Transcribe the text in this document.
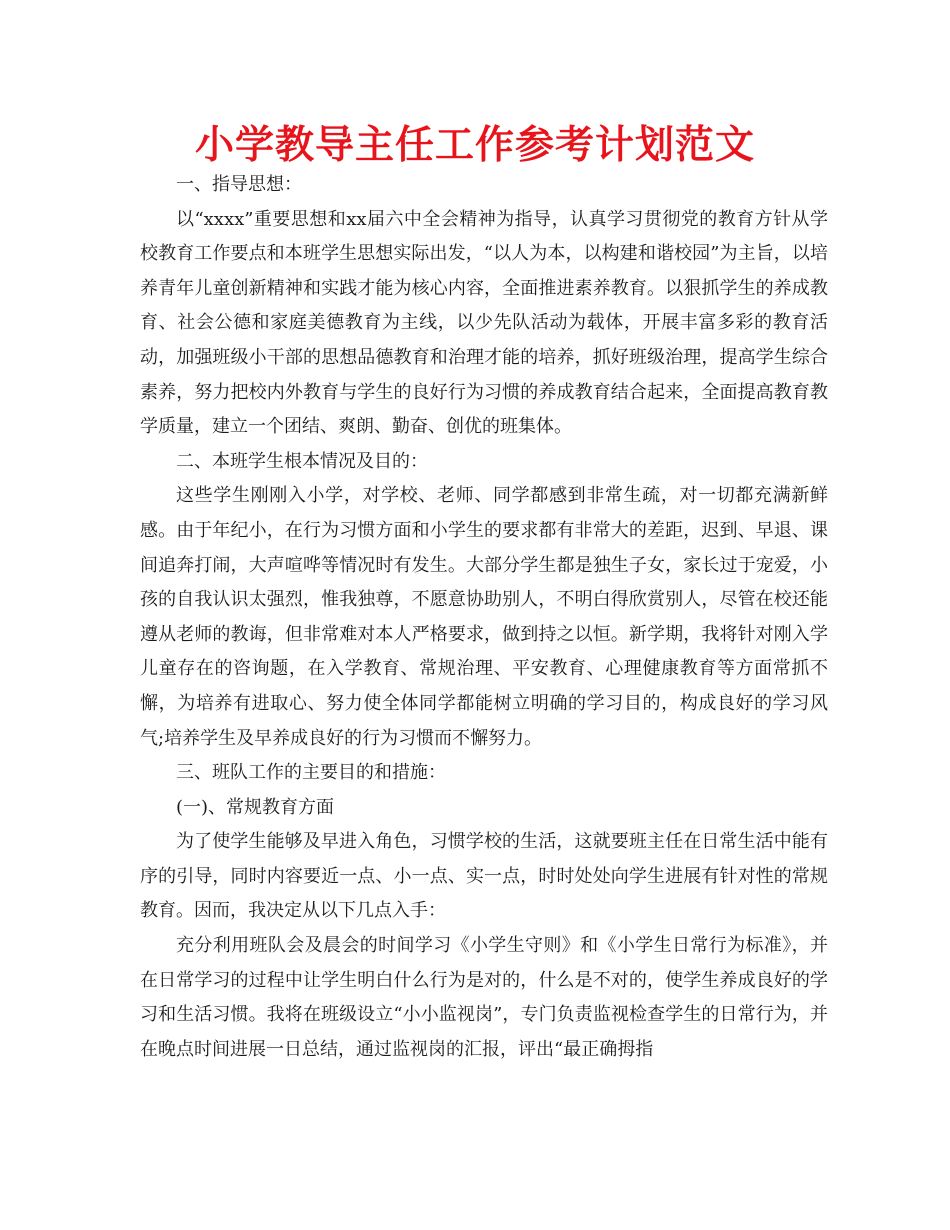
小学教导主任工作参考计划范文

一、指导思想：

以“xxxx”重要思想和xx届六中全会精神为指导，认真学习贯彻党的教育方针从学校教育工作要点和本班学生思想实际出发，“以人为本，以构建和谐校园”为主旨，以培养青年儿童创新精神和实践才能为核心内容，全面推进素养教育。以狠抓学生的养成教育、社会公德和家庭美德教育为主线，以少先队活动为载体，开展丰富多彩的教育活动，加强班级小干部的思想品德教育和治理才能的培养，抓好班级治理，提高学生综合素养，努力把校内外教育与学生的良好行为习惯的养成教育结合起来，全面提高教育教学质量，建立一个团结、爽朗、勤奋、创优的班集体。

二、本班学生根本情况及目的：

这些学生刚刚入小学，对学校、老师、同学都感到非常生疏，对一切都充满新鲜感。由于年纪小，在行为习惯方面和小学生的要求都有非常大的差距，迟到、早退、课间追奔打闹，大声喧哗等情况时有发生。大部分学生都是独生子女，家长过于宠爱，小孩的自我认识太强烈，惟我独尊，不愿意协助别人，不明白得欣赏别人，尽管在校还能遵从老师的教诲，但非常难对本人严格要求，做到持之以恒。新学期，我将针对刚入学儿童存在的咨询题，在入学教育、常规治理、平安教育、心理健康教育等方面常抓不懈，为培养有进取心、努力使全体同学都能树立明确的学习目的，构成良好的学习风气;培养学生及早养成良好的行为习惯而不懈努力。

三、班队工作的主要目的和措施：

(一)、常规教育方面

为了使学生能够及早进入角色，习惯学校的生活，这就要班主任在日常生活中能有序的引导，同时内容要近一点、小一点、实一点，时时处处向学生进展有针对性的常规教育。因而，我决定从以下几点入手：

充分利用班队会及晨会的时间学习《小学生守则》和《小学生日常行为标准》，并在日常学习的过程中让学生明白什么行为是对的，什么是不对的，使学生养成良好的学习和生活习惯。我将在班级设立“小小监视岗”，专门负责监视检查学生的日常行为，并在晚点时间进展一日总结，通过监视岗的汇报，评出“最正确拇指
